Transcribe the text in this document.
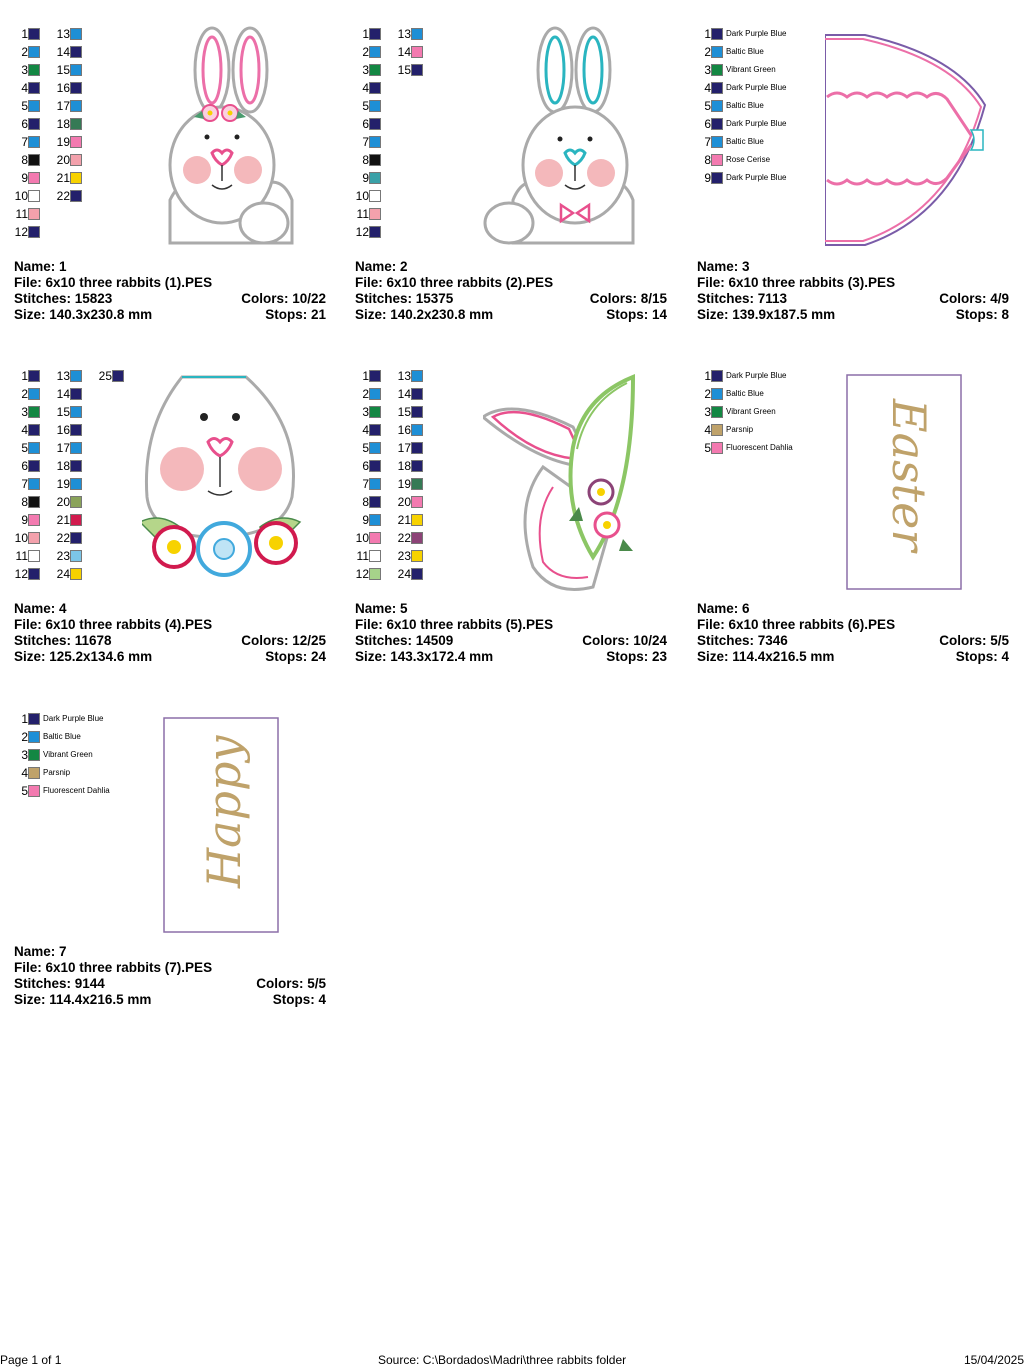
1
2
3
4
5
6
7
8
9
10
11
12
13
14
15
16
17
18
19
20
21
22
Name: 1
File: 6x10 three rabbits (1).PES
Stitches: 15823	Colors: 10/22
Size: 140.3x230.8 mm	Stops: 21
1
2
3
4
5
6
7
8
9
10
11
12
13
14
15
Name: 2
File: 6x10 three rabbits (2).PES
Stitches: 15375	Colors: 8/15
Size: 140.2x230.8 mm	Stops: 14
1 Dark Purple Blue
2 Baltic Blue
3 Vibrant Green
4 Dark Purple Blue
5 Baltic Blue
6 Dark Purple Blue
7 Baltic Blue
8 Rose Cerise
9 Dark Purple Blue
Name: 3
File: 6x10 three rabbits (3).PES
Stitches: 7113	Colors: 4/9
Size: 139.9x187.5 mm	Stops: 8
1
2
3
4
5
6
7
8
9
10
11
12
13
14
15
16
17
18
19
20
21
22
23
24
25
Name: 4
File: 6x10 three rabbits (4).PES
Stitches: 11678	Colors: 12/25
Size: 125.2x134.6 mm	Stops: 24
1
2
3
4
5
6
7
8
9
10
11
12
13
14
15
16
17
18
19
20
21
22
23
24
Name: 5
File: 6x10 three rabbits (5).PES
Stitches: 14509	Colors: 10/24
Size: 143.3x172.4 mm	Stops: 23
1 Dark Purple Blue
2 Baltic Blue
3 Vibrant Green
4 Parsnip
5 Fluorescent Dahlia Easter
Name: 6
File: 6x10 three rabbits (6).PES
Stitches: 7346	Colors: 5/5
Size: 114.4x216.5 mm	Stops: 4
1 Dark Purple Blue
2 Baltic Blue
3 Vibrant Green
4 Parsnip
5 Fluorescent Dahlia Happy
Name: 7
File: 6x10 three rabbits (7).PES
Stitches: 9144	Colors: 5/5
Size: 114.4x216.5 mm	Stops: 4
Page 1 of 1	Source: C:\Bordados\Madri\three rabbits folder	15/04/2025
